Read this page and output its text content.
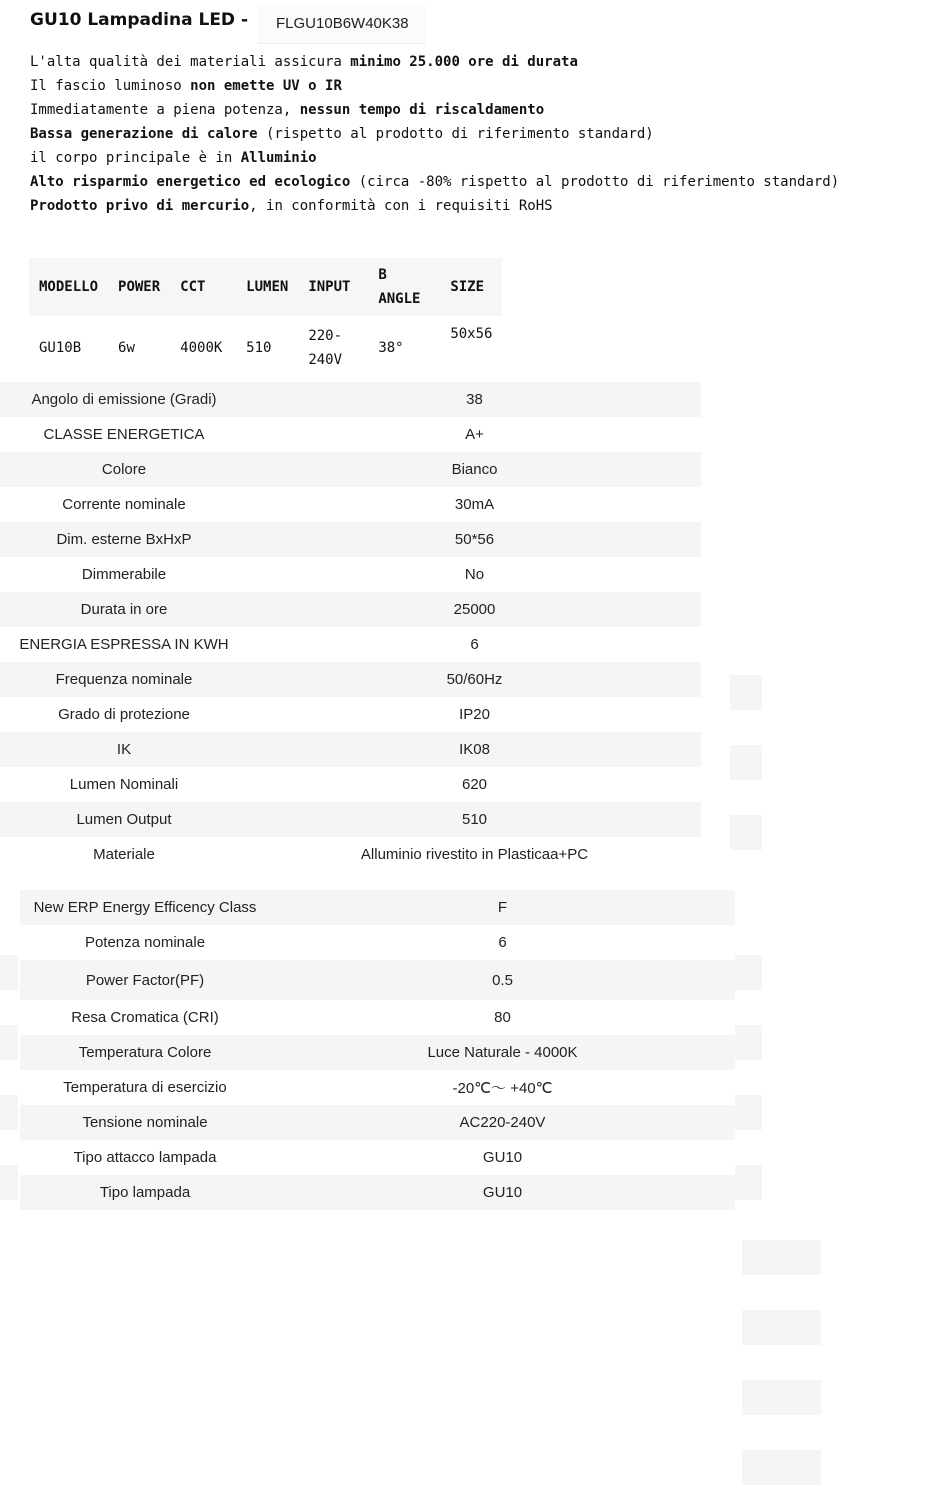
GU10 Lampadina LED -	FLGU10B6W40K38
L'alta qualità dei materiali assicura minimo 25.000 ore di durata
Il fascio luminoso non emette UV o IR
Immediatamente a piena potenza, nessun tempo di riscaldamento
Bassa generazione di calore (rispetto al prodotto di riferimento standard)
il corpo principale è in Alluminio
Alto risparmio energetico ed ecologico (circa -80% rispetto al prodotto di riferimento standard)
Prodotto privo di mercurio, in conformità con i requisiti RoHS
MODELLO	POWER	CCT	LUMEN	INPUT	B ANGLE	SIZE
GU10B	6w	4000K	510	220-240V	38°	50x56
Angolo di emissione (Gradi)	38
CLASSE ENERGETICA	A+
Colore	Bianco
Corrente nominale	30mA
Dim. esterne BxHxP	50*56
Dimmerabile	No
Durata in ore	25000
ENERGIA ESPRESSA IN KWH	6
Frequenza nominale	50/60Hz
Grado di protezione	IP20
IK	IK08
Lumen Nominali	620
Lumen Output	510
Materiale	Alluminio rivestito in Plasticaa+PC
New ERP Energy Efficency Class	F
Potenza nominale	6
Power Factor(PF)	0.5
Resa Cromatica (CRI)	80
Temperatura Colore	Luce Naturale - 4000K
Temperatura di esercizio	-20℃～ +40℃
Tensione nominale	AC220-240V
Tipo attacco lampada	GU10
Tipo lampada	GU10
